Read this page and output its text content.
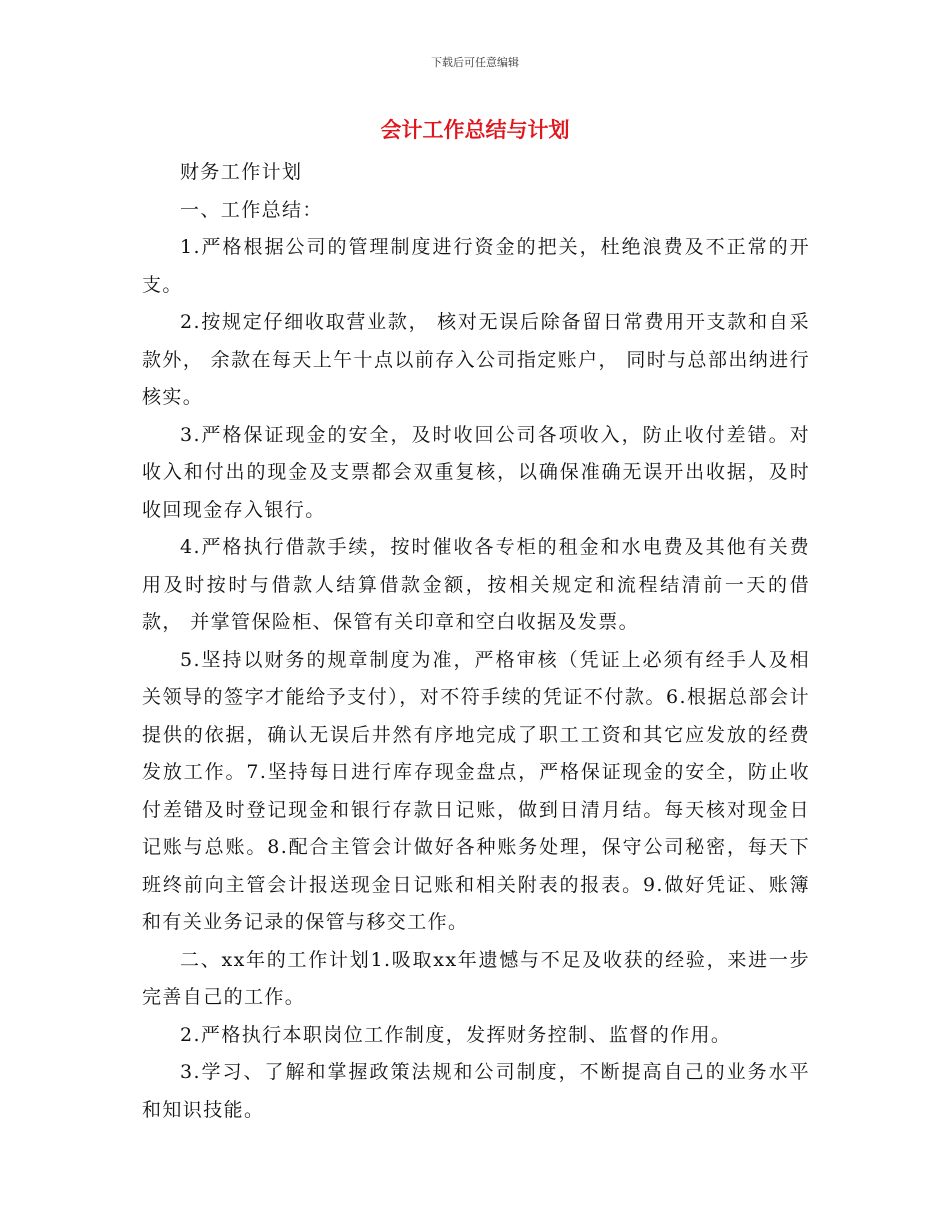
下载后可任意编辑
会计工作总结与计划

财务工作计划

一、工作总结：

1.严格根据公司的管理制度进行资金的把关，杜绝浪费及不正常的开支。

2.按规定仔细收取营业款， 核对无误后除备留日常费用开支款和自采款外， 余款在每天上午十点以前存入公司指定账户， 同时与总部出纳进行核实。

3.严格保证现金的安全，及时收回公司各项收入，防止收付差错。对收入和付出的现金及支票都会双重复核，以确保准确无误开出收据，及时收回现金存入银行。

4.严格执行借款手续，按时催收各专柜的租金和水电费及其他有关费用及时按时与借款人结算借款金额，按相关规定和流程结清前一天的借款， 并掌管保险柜、保管有关印章和空白收据及发票。

5.坚持以财务的规章制度为准，严格审核（凭证上必须有经手人及相关领导的签字才能给予支付），对不符手续的凭证不付款。6.根据总部会计提供的依据，确认无误后井然有序地完成了职工工资和其它应发放的经费发放工作。7.坚持每日进行库存现金盘点，严格保证现金的安全，防止收付差错及时登记现金和银行存款日记账，做到日清月结。每天核对现金日记账与总账。8.配合主管会计做好各种账务处理，保守公司秘密，每天下班终前向主管会计报送现金日记账和相关附表的报表。9.做好凭证、账簿和有关业务记录的保管与移交工作。

二、xx年的工作计划1.吸取xx年遗憾与不足及收获的经验，来进一步完善自己的工作。

2.严格执行本职岗位工作制度，发挥财务控制、监督的作用。

3.学习、了解和掌握政策法规和公司制度，不断提高自己的业务水平和知识技能。
